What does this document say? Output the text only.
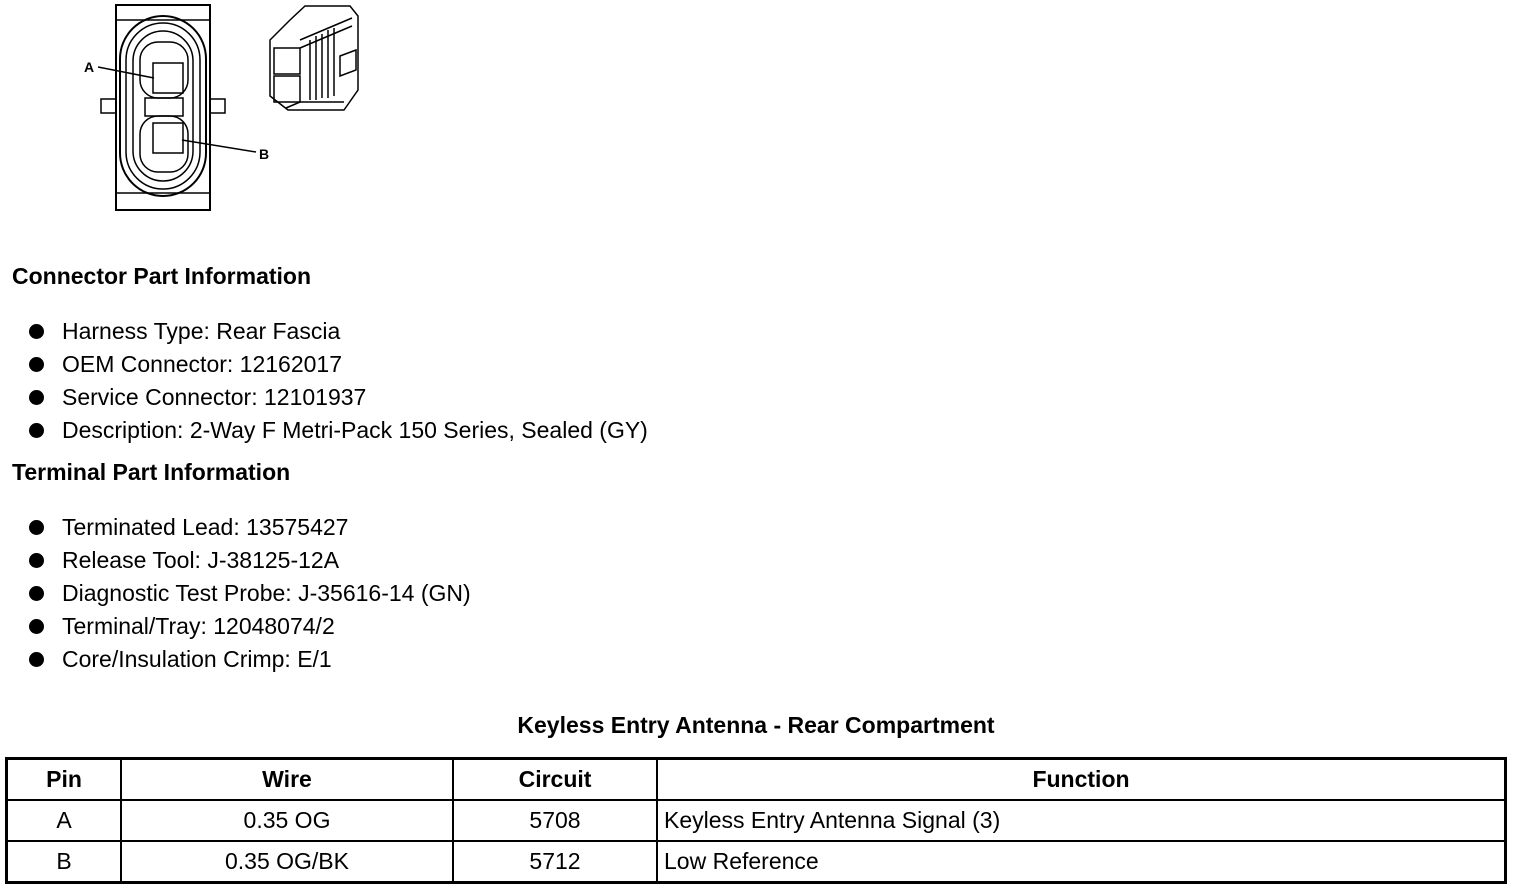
A
B
Connector Part Information
Harness Type: Rear Fascia
OEM Connector: 12162017
Service Connector: 12101937
Description: 2-Way F Metri-Pack 150 Series, Sealed (GY)
Terminal Part Information
Terminated Lead: 13575427
Release Tool: J-38125-12A
Diagnostic Test Probe: J-35616-14 (GN)
Terminal/Tray: 12048074/2
Core/Insulation Crimp: E/1
Keyless Entry Antenna - Rear Compartment
Pin	Wire	Circuit	Function
A	0.35 OG	5708	Keyless Entry Antenna Signal (3)
B	0.35 OG/BK	5712	Low Reference
